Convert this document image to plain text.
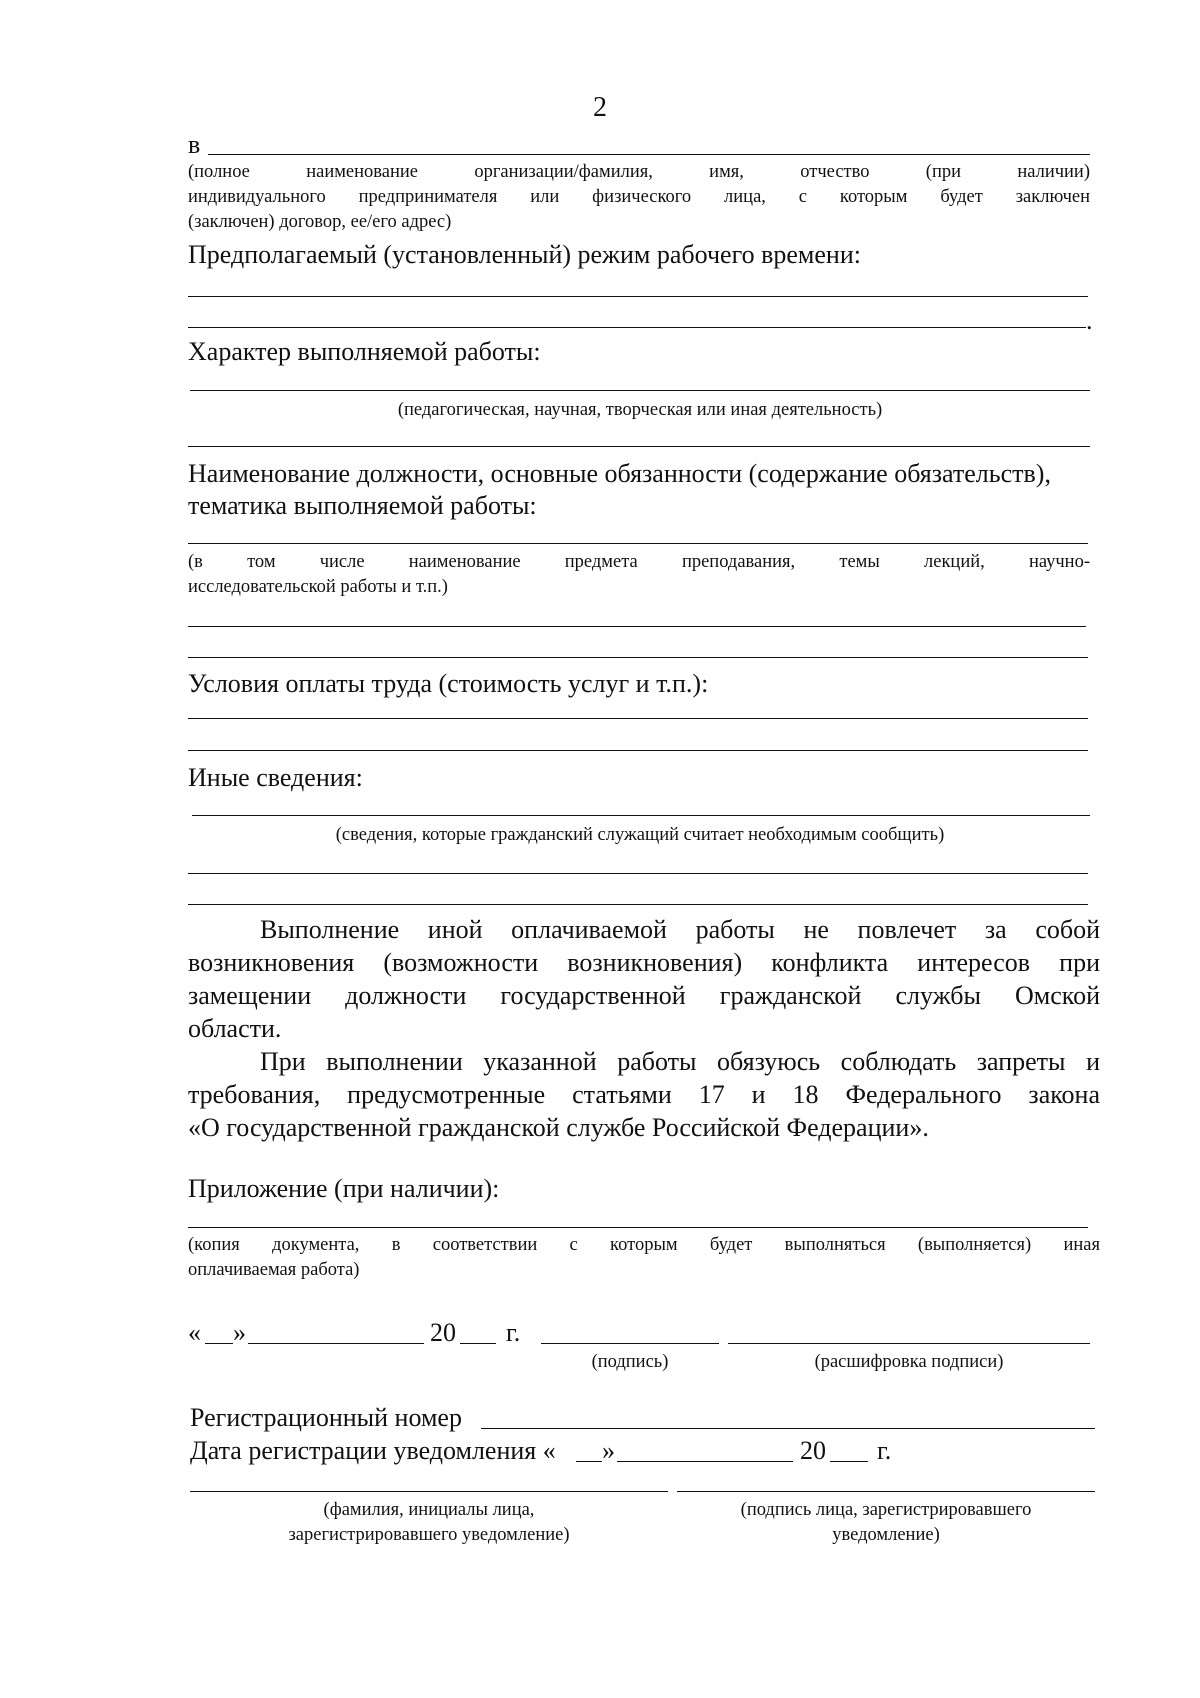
2
в
(полное наименование организации/фамилия, имя, отчество (при наличии)
индивидуального предпринимателя или физического лица, с которым будет заключен
(заключен) договор, ее/его адрес)
Предполагаемый (установленный) режим рабочего времени:
.
Характер выполняемой работы:
(педагогическая, научная, творческая или иная деятельность)
Наименование должности, основные обязанности (содержание обязательств),
тематика выполняемой работы:
(в том числе наименование предмета преподавания, темы лекций, научно-
исследовательской работы и т.п.)
Условия оплаты труда (стоимость услуг и т.п.):
Иные сведения:
(сведения, которые гражданский служащий считает необходимым сообщить)
Выполнение иной оплачиваемой работы не повлечет за собой
возникновения (возможности возникновения) конфликта интересов при
замещении должности государственной гражданской службы Омской
области.
При выполнении указанной работы обязуюсь соблюдать запреты и
требования, предусмотренные статьями 17 и 18 Федерального закона
«О государственной гражданской службе Российской Федерации».
Приложение (при наличии):
(копия документа, в соответствии с которым будет выполняться (выполняется) иная
оплачиваемая работа)
« »	20 г.
(подпись)	(расшифровка подписи)
Регистрационный номер
Дата регистрации уведомления « »	20 г.
(фамилия, инициалы лица,
зарегистрировавшего уведомление)
(подпись лица, зарегистрировавшего
уведомление)
